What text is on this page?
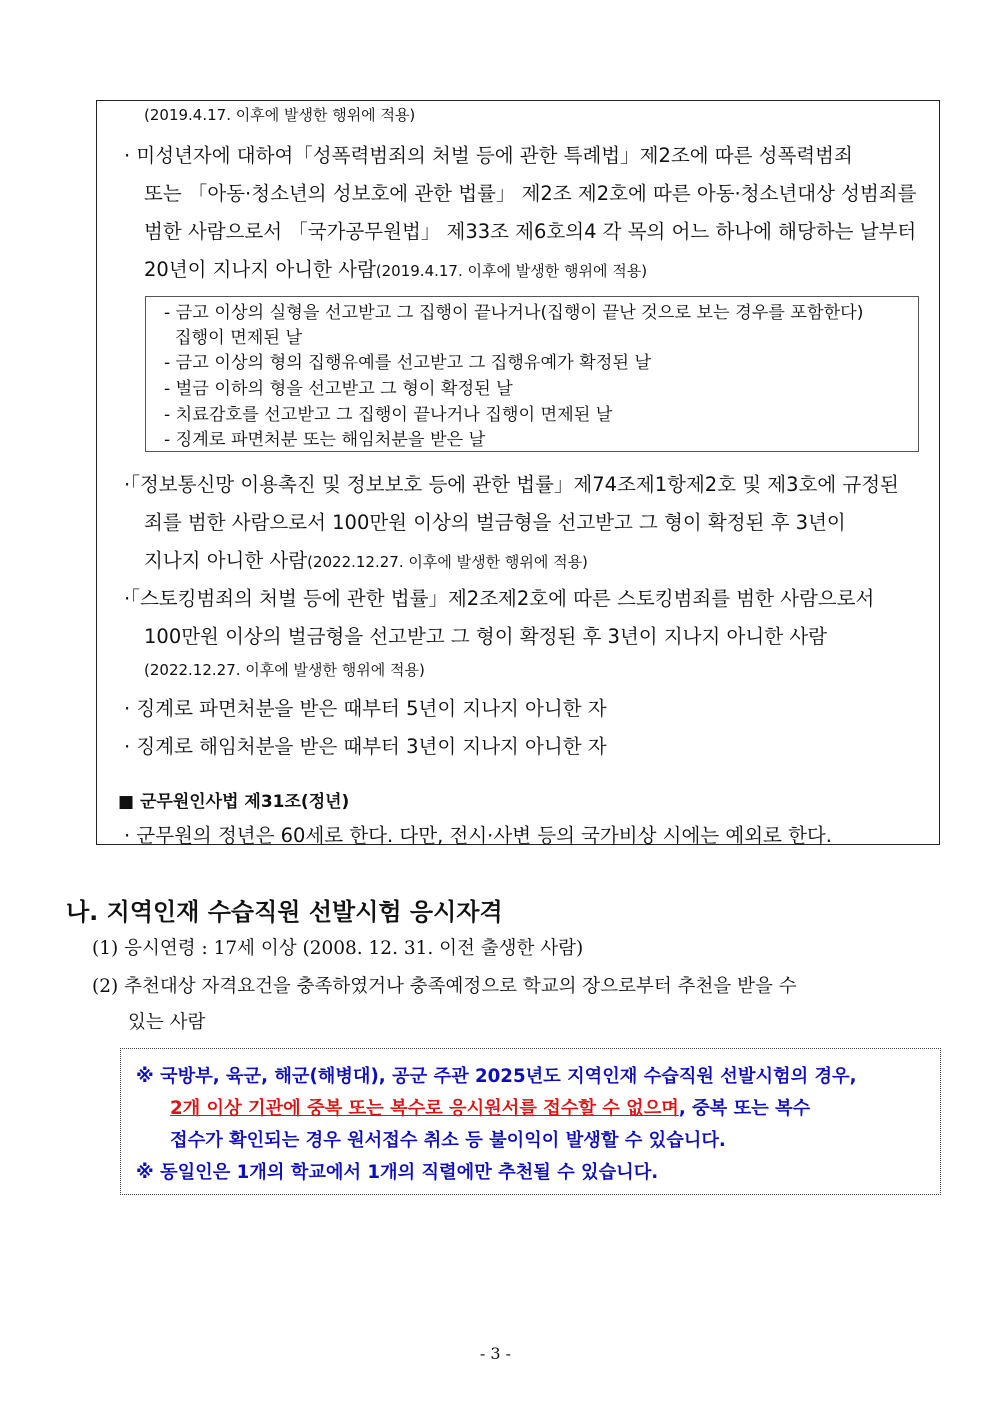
(2019.4.17. 이후에 발생한 행위에 적용)
· 미성년자에 대하여「성폭력범죄의 처벌 등에 관한 특례법」제2조에 따른 성폭력범죄
또는 「아동·청소년의 성보호에 관한 법률」 제2조 제2호에 따른 아동·청소년대상 성범죄를
범한 사람으로서 「국가공무원법」 제33조 제6호의4 각 목의 어느 하나에 해당하는 날부터
20년이 지나지 아니한 사람(2019.4.17. 이후에 발생한 행위에 적용)
- 금고 이상의 실형을 선고받고 그 집행이 끝나거나(집행이 끝난 것으로 보는 경우를 포함한다)
집행이 면제된 날
- 금고 이상의 형의 집행유예를 선고받고 그 집행유예가 확정된 날
- 벌금 이하의 형을 선고받고 그 형이 확정된 날
- 치료감호를 선고받고 그 집행이 끝나거나 집행이 면제된 날
- 징계로 파면처분 또는 해임처분을 받은 날
·「정보통신망 이용촉진 및 정보보호 등에 관한 법률」제74조제1항제2호 및 제3호에 규정된
죄를 범한 사람으로서 100만원 이상의 벌금형을 선고받고 그 형이 확정된 후 3년이
지나지 아니한 사람(2022.12.27. 이후에 발생한 행위에 적용)
·「스토킹범죄의 처벌 등에 관한 법률」제2조제2호에 따른 스토킹범죄를 범한 사람으로서
100만원 이상의 벌금형을 선고받고 그 형이 확정된 후 3년이 지나지 아니한 사람
(2022.12.27. 이후에 발생한 행위에 적용)
· 징계로 파면처분을 받은 때부터 5년이 지나지 아니한 자
· 징계로 해임처분을 받은 때부터 3년이 지나지 아니한 자
■ 군무원인사법 제31조(정년)
· 군무원의 정년은 60세로 한다. 다만, 전시·사변 등의 국가비상 시에는 예외로 한다.
나. 지역인재 수습직원 선발시험 응시자격
(1) 응시연령 : 17세 이상 (2008. 12. 31. 이전 출생한 사람)
(2) 추천대상 자격요건을 충족하였거나 충족예정으로 학교의 장으로부터 추천을 받을 수
있는 사람
※ 국방부, 육군, 해군(해병대), 공군 주관 2025년도 지역인재 수습직원 선발시험의 경우,
2개 이상 기관에 중복 또는 복수로 응시원서를 접수할 수 없으며, 중복 또는 복수
접수가 확인되는 경우 원서접수 취소 등 불이익이 발생할 수 있습니다.
※ 동일인은 1개의 학교에서 1개의 직렬에만 추천될 수 있습니다.
- 3 -
